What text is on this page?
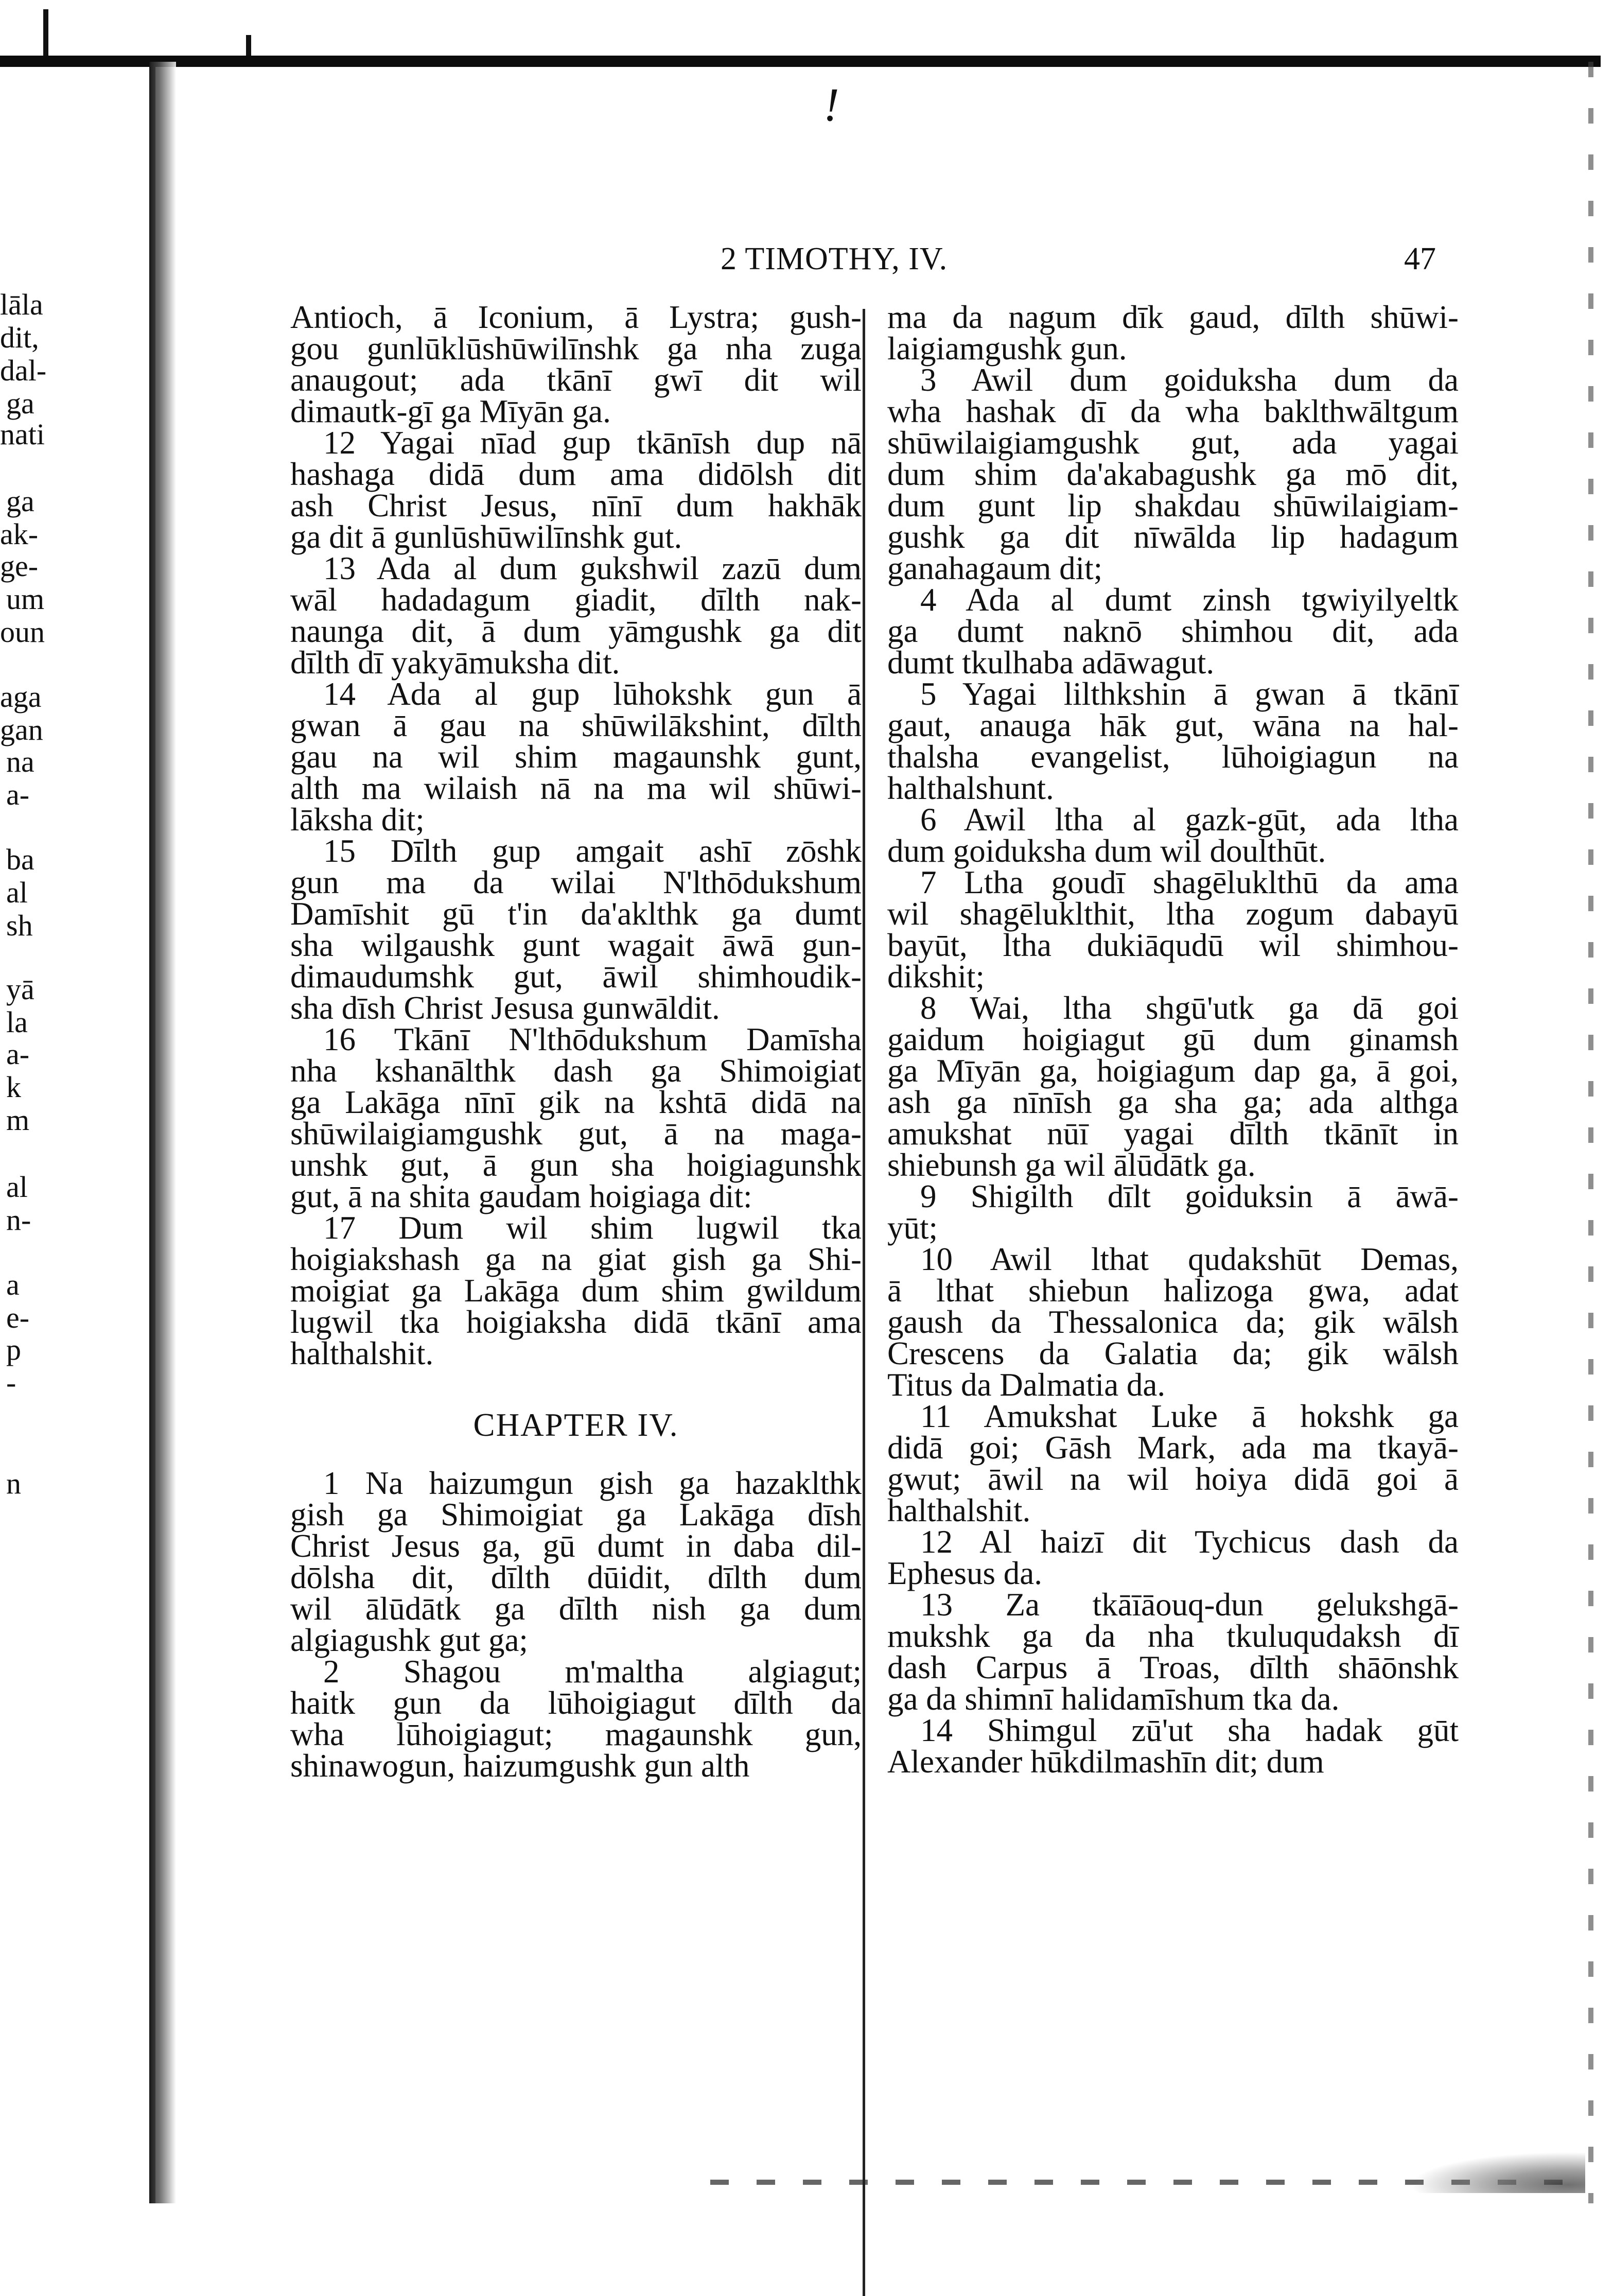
!
lāla
dit,
dal-
ga
nati
ga
ak-
ge-
um
oun
aga
gan
na
a-
ba
al
sh
yā
la
a-
k
m
al
n-
a
e-
p
-
n
2 TIMOTHY, IV.	47
Antioch, ā Iconium, ā Lystra; gush-
gou gunlūklūshūwilīnshk ga nha zuga
anaugout; ada tkānī gwī dit wil
dimautk-gī ga Mīyān ga.
12 Yagai nīad gup tkānīsh dup nā
hashaga didā dum ama didōlsh dit
ash Christ Jesus, nīnī dum hakhāk
ga dit ā gunlūshūwilīnshk gut.
13 Ada al dum gukshwil zazū dum
wāl hadadagum giadit, dīlth nak-
naunga dit, ā dum yāmgushk ga dit
dīlth dī yakyāmuksha dit.
14 Ada al gup lūhokshk gun ā
gwan ā gau na shūwilākshint, dīlth
gau na wil shim magaunshk gunt,
alth ma wilaish nā na ma wil shūwi-
lāksha dit;
15 Dīlth gup amgait ashī zōshk
gun ma da wilai N'lthōdukshum
Damīshit gū t'in da'aklthk ga dumt
sha wilgaushk gunt wagait āwā gun-
dimaudumshk gut, āwil shimhoudik-
sha dīsh Christ Jesusa gunwāldit.
16 Tkānī N'lthōdukshum Damīsha
nha kshanālthk dash ga Shimoigiat
ga Lakāga nīnī gik na kshtā didā na
shūwilaigiamgushk gut, ā na maga-
unshk gut, ā gun sha hoigiagunshk
gut, ā na shita gaudam hoigiaga dit:
17 Dum wil shim lugwil tka
hoigiakshash ga na giat gish ga Shi-
moigiat ga Lakāga dum shim gwildum
lugwil tka hoigiaksha didā tkānī ama
halthalshit.
CHAPTER IV.
1 Na haizumgun gish ga hazaklthk
gish ga Shimoigiat ga Lakāga dīsh
Christ Jesus ga, gū dumt in daba dil-
dōlsha dit, dīlth dūidit, dīlth dum
wil ālūdātk ga dīlth nish ga dum
algiagushk gut ga;
2 Shagou m'maltha algiagut;
haitk gun da lūhoigiagut dīlth da
wha lūhoigiagut; magaunshk gun,
shinawogun, haizumgushk gun alth
ma da nagum dīk gaud, dīlth shūwi-
laigiamgushk gun.
3 Awil dum goiduksha dum da
wha hashak dī da wha baklthwāltgum
shūwilaigiamgushk gut, ada yagai
dum shim da'akabagushk ga mō dit,
dum gunt lip shakdau shūwilaigiam-
gushk ga dit nīwālda lip hadagum
ganahagaum dit;
4 Ada al dumt zinsh tgwiyilyeltk
ga dumt naknō shimhou dit, ada
dumt tkulhaba adāwagut.
5 Yagai lilthkshin ā gwan ā tkānī
gaut, anauga hāk gut, wāna na hal-
thalsha evangelist, lūhoigiagun na
halthalshunt.
6 Awil ltha al gazk-gūt, ada ltha
dum goiduksha dum wil doulthūt.
7 Ltha goudī shagēluklthū da ama
wil shagēluklthit, ltha zogum dabayū
bayūt, ltha dukiāqudū wil shimhou-
dikshit;
8 Wai, ltha shgū'utk ga dā goi
gaidum hoigiagut gū dum ginamsh
ga Mīyān ga, hoigiagum dap ga, ā goi,
ash ga nīnīsh ga sha ga; ada althga
amukshat nūī yagai dīlth tkānīt in
shiebunsh ga wil ālūdātk ga.
9 Shigilth dīlt goiduksin ā āwā-
yūt;
10 Awil lthat qudakshūt Demas,
ā lthat shiebun halizoga gwa, adat
gaush da Thessalonica da; gik wālsh
Crescens da Galatia da; gik wālsh
Titus da Dalmatia da.
11 Amukshat Luke ā hokshk ga
didā goi; Gāsh Mark, ada ma tkayā-
gwut; āwil na wil hoiya didā goi ā
halthalshit.
12 Al haizī dit Tychicus dash da
Ephesus da.
13 Za tkāīāouq-dun gelukshgā-
mukshk ga da nha tkuluqudaksh dī
dash Carpus ā Troas, dīlth shāōnshk
ga da shimnī halidamīshum tka da.
14 Shimgul zū'ut sha hadak gūt
Alexander hūkdilmashīn dit; dum
